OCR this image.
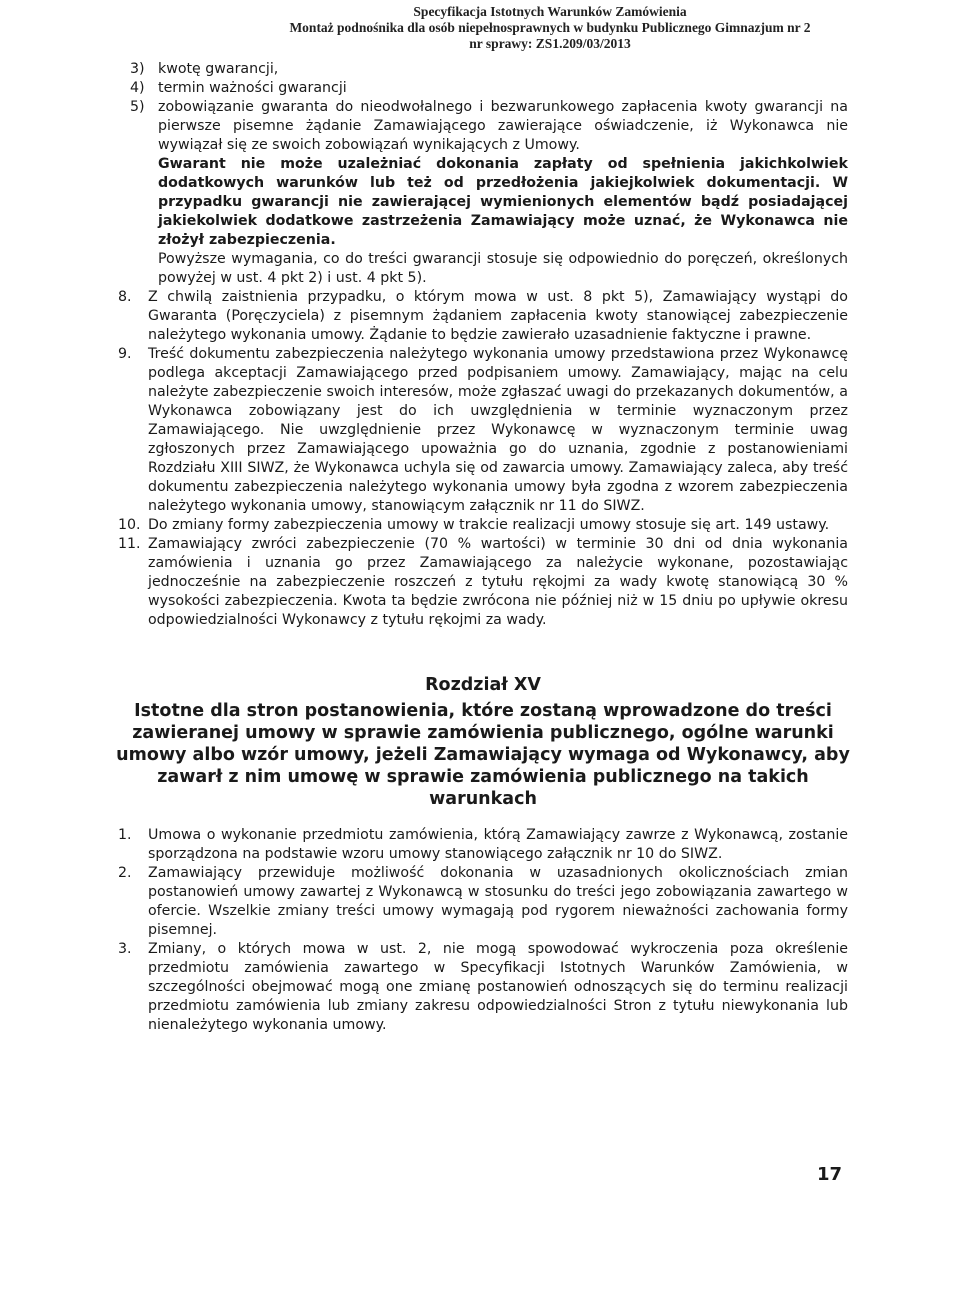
Specyfikacja Istotnych Warunków Zamówienia
Montaż podnośnika dla osób niepełnosprawnych w budynku Publicznego Gimnazjum nr 2
nr sprawy: ZS1.209/03/2013
3) kwotę gwarancji,
4) termin ważności gwarancji
5) zobowiązanie gwaranta do nieodwołalnego i bezwarunkowego zapłacenia kwoty gwarancji na pierwsze pisemne żądanie Zamawiającego zawierające oświadczenie, iż Wykonawca nie wywiązał się ze swoich zobowiązań wynikających z Umowy.
Gwarant nie może uzależniać dokonania zapłaty od spełnienia jakichkolwiek dodatkowych warunków lub też od przedłożenia jakiejkolwiek dokumentacji. W przypadku gwarancji nie zawierającej wymienionych elementów bądź posiadającej jakiekolwiek dodatkowe zastrzeżenia Zamawiający może uznać, że Wykonawca nie złożył zabezpieczenia.
Powyższe wymagania, co do treści gwarancji stosuje się odpowiednio do poręczeń, określonych powyżej w ust. 4 pkt 2) i ust. 4 pkt 5).
8. Z chwilą zaistnienia przypadku, o którym mowa w ust. 8 pkt 5), Zamawiający wystąpi do Gwaranta (Poręczyciela) z pisemnym żądaniem zapłacenia kwoty stanowiącej zabezpieczenie należytego wykonania umowy. Żądanie to będzie zawierało uzasadnienie faktyczne i prawne.
9. Treść dokumentu zabezpieczenia należytego wykonania umowy przedstawiona przez Wykonawcę podlega akceptacji Zamawiającego przed podpisaniem umowy. Zamawiający, mając na celu należyte zabezpieczenie swoich interesów, może zgłaszać uwagi do przekazanych dokumentów, a Wykonawca zobowiązany jest do ich uwzględnienia w terminie wyznaczonym przez Zamawiającego. Nie uwzględnienie przez Wykonawcę w wyznaczonym terminie uwag zgłoszonych przez Zamawiającego upoważnia go do uznania, zgodnie z postanowieniami Rozdziału XIII SIWZ, że Wykonawca uchyla się od zawarcia umowy. Zamawiający zaleca, aby treść dokumentu zabezpieczenia należytego wykonania umowy była zgodna z wzorem zabezpieczenia należytego wykonania umowy, stanowiącym załącznik nr 11 do SIWZ.
10. Do zmiany formy zabezpieczenia umowy w trakcie realizacji umowy stosuje się art. 149 ustawy.
11. Zamawiający zwróci zabezpieczenie (70 % wartości) w terminie 30 dni od dnia wykonania zamówienia i uznania go przez Zamawiającego za należycie wykonane, pozostawiając jednocześnie na zabezpieczenie roszczeń z tytułu rękojmi za wady kwotę stanowiącą 30 % wysokości zabezpieczenia. Kwota ta będzie zwrócona nie później niż w 15 dniu po upływie okresu odpowiedzialności Wykonawcy z tytułu rękojmi za wady.
Rozdział XV
Istotne dla stron postanowienia, które zostaną wprowadzone do treści zawieranej umowy w sprawie zamówienia publicznego, ogólne warunki umowy albo wzór umowy, jeżeli Zamawiający wymaga od Wykonawcy, aby zawarł z nim umowę w sprawie zamówienia publicznego na takich warunkach
1. Umowa o wykonanie przedmiotu zamówienia, którą Zamawiający zawrze z Wykonawcą, zostanie sporządzona na podstawie wzoru umowy stanowiącego załącznik nr 10 do SIWZ.
2. Zamawiający przewiduje możliwość dokonania w uzasadnionych okolicznościach zmian postanowień umowy zawartej z Wykonawcą w stosunku do treści jego zobowiązania zawartego w ofercie. Wszelkie zmiany treści umowy wymagają pod rygorem nieważności zachowania formy pisemnej.
3. Zmiany, o których mowa w ust. 2, nie mogą spowodować wykroczenia poza określenie przedmiotu zamówienia zawartego w Specyfikacji Istotnych Warunków Zamówienia, w szczególności obejmować mogą one zmianę postanowień odnoszących się do terminu realizacji przedmiotu zamówienia lub zmiany zakresu odpowiedzialności Stron z tytułu niewykonania lub nienależytego wykonania umowy.
17
